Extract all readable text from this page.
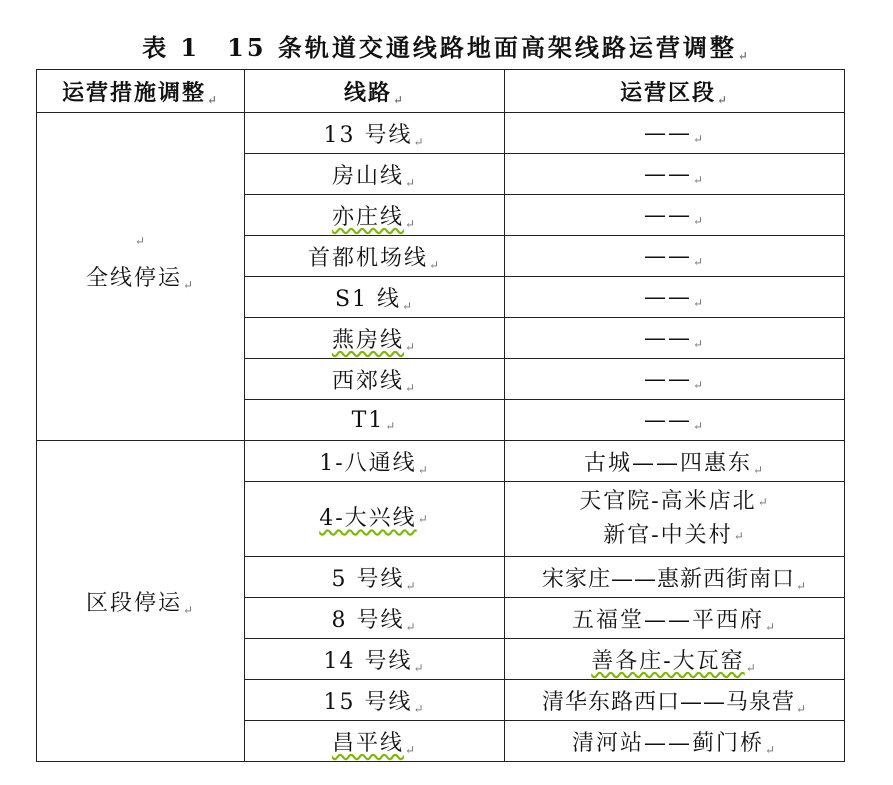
表 1　15 条轨道交通线路地面高架线路运营调整↵
运营措施调整↵	线路↵	运营区段↵

↵
全线停运↵	13 号线↵	——↵
	房山线↵	——↵
	亦庄线↵	——↵
	首都机场线↵	——↵
	S1 线↵	——↵
	燕房线↵	——↵
	西郊线↵	——↵
	T1↵	——↵
区段停运↵	1-八通线↵	古城——四惠东↵
	4-大兴线↵	天官院-高米店北↵
新官-中关村↵

	5 号线↵	宋家庄——惠新西街南口↵
	8 号线↵	五福堂——平西府↵
	14 号线↵	善各庄-大瓦窑↵
	15 号线↵	清华东路西口——马泉营↵
	昌平线↵	清河站——蓟门桥↵
